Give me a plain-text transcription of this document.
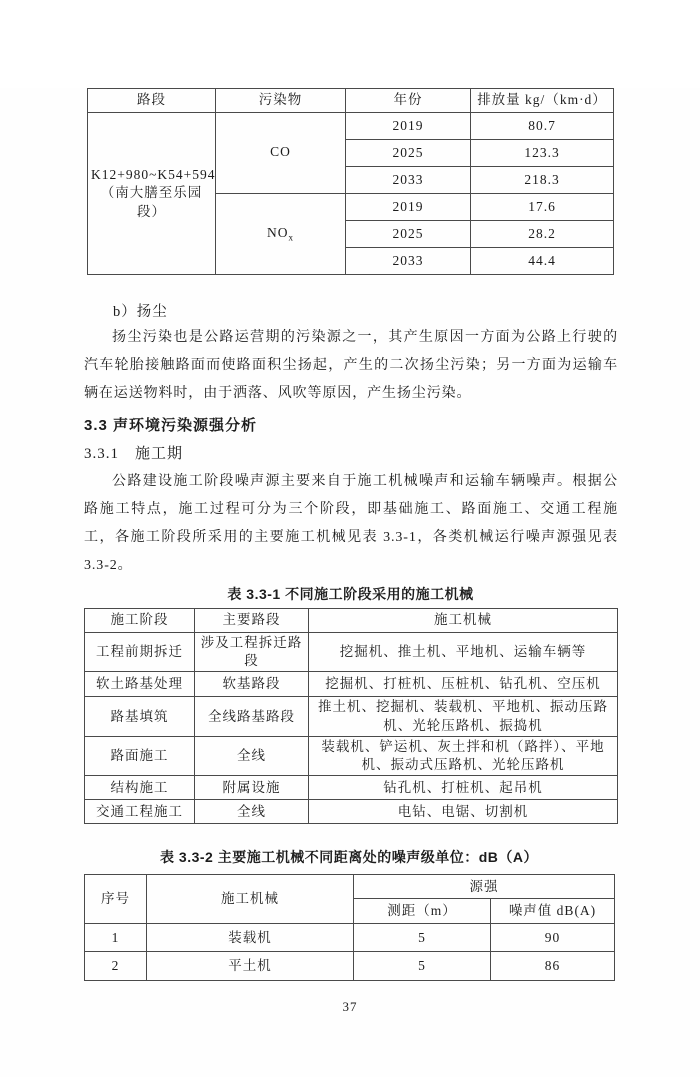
路段	污染物	年份	排放量 kg/（km·d）
K12+980~K54+594（南大膳至乐园段）	CO	2019	80.7
		2025	123.3
		2033	218.3
	$NO_x$	2019	17.6
		2025	28.2
		2033	44.4
b）扬尘

扬尘污染也是公路运营期的污染源之一，其产生原因一方面为公路上行驶的汽车轮胎接触路面而使路面积尘扬起，产生的二次扬尘污染；另一方面为运输车辆在运送物料时，由于洒落、风吹等原因，产生扬尘污染。

3.3 声环境污染源强分析
3.3.1　施工期

公路建设施工阶段噪声源主要来自于施工机械噪声和运输车辆噪声。根据公路施工特点，施工过程可分为三个阶段，即基础施工、路面施工、交通工程施工，各施工阶段所采用的主要施工机械见表 3.3-1，各类机械运行噪声源强见表 3.3-2。

表 3.3-1 不同施工阶段采用的施工机械
施工阶段	主要路段	施工机械
工程前期拆迁	涉及工程拆迁路段	挖掘机、推土机、平地机、运输车辆等
软土路基处理	软基路段	挖掘机、打桩机、压桩机、钻孔机、空压机
路基填筑	全线路基路段	推土机、挖掘机、装载机、平地机、振动压路机、光轮压路机、振捣机
路面施工	全线	装载机、铲运机、灰土拌和机（路拌）、平地机、振动式压路机、光轮压路机
结构施工	附属设施	钻孔机、打桩机、起吊机
交通工程施工	全线	电钻、电锯、切割机
表 3.3-2 主要施工机械不同距离处的噪声级单位：dB（A）
序号	施工机械	源强	
		测距（m）	噪声值 dB(A)
1	装载机	5	90
2	平土机	5	86
37
